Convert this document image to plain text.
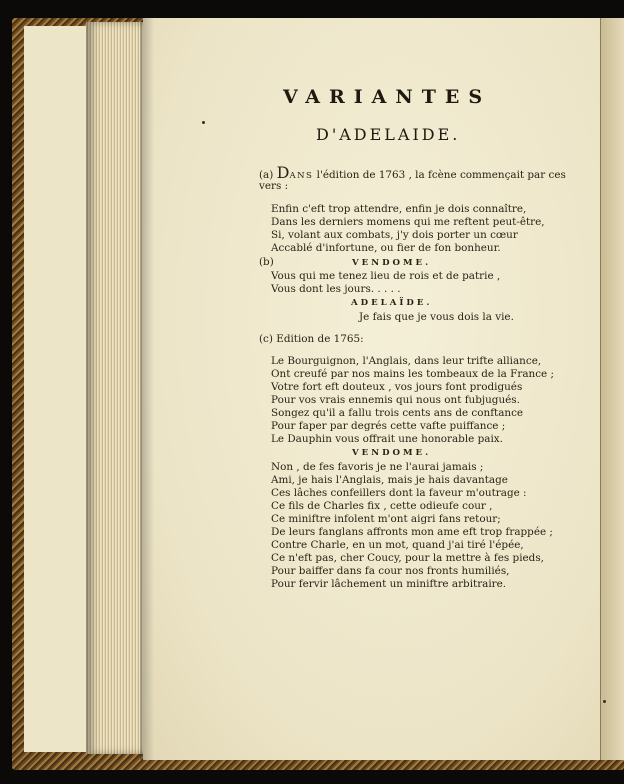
VARIANTES
D'ADELAIDE.
(a) DANS l'édition de 1763 , la fcène commençait par ces
vers :
Enfin c'eft trop attendre, enfin je dois connaître,
Dans les derniers momens qui me reftent peut-être,
Si, volant aux combats, j'y dois porter un cœur
Accablé d'infortune, ou fier de fon bonheur.
(b)	VENDOME.
Vous qui me tenez lieu de rois et de patrie ,
Vous dont les jours. . . . .
ADELAÏDE.
Je fais que je vous dois la vie.
(c) Edition de 1765:
Le Bourguignon, l'Anglais, dans leur trifte alliance,
Ont creufé par nos mains les tombeaux de la France ;
Votre fort eft douteux , vos jours font prodigués
Pour vos vrais ennemis qui nous ont fubjugués.
Songez qu'il a fallu trois cents ans de conftance
Pour faper par degrés cette vafte puiffance ;
Le Dauphin vous offrait une honorable paix.
VENDOME.
Non , de fes favoris je ne l'aurai jamais ;
Ami, je hais l'Anglais, mais je hais davantage
Ces lâches confeillers dont la faveur m'outrage :
Ce fils de Charles fix , cette odieufe cour ,
Ce miniftre infolent m'ont aigri fans retour;
De leurs fanglans affronts mon ame eft trop frappée ;
Contre Charle, en un mot, quand j'ai tiré l'épée,
Ce n'eft pas, cher Coucy, pour la mettre à fes pieds,
Pour baiffer dans fa cour nos fronts humiliés,
Pour fervir lâchement un miniftre arbitraire.
